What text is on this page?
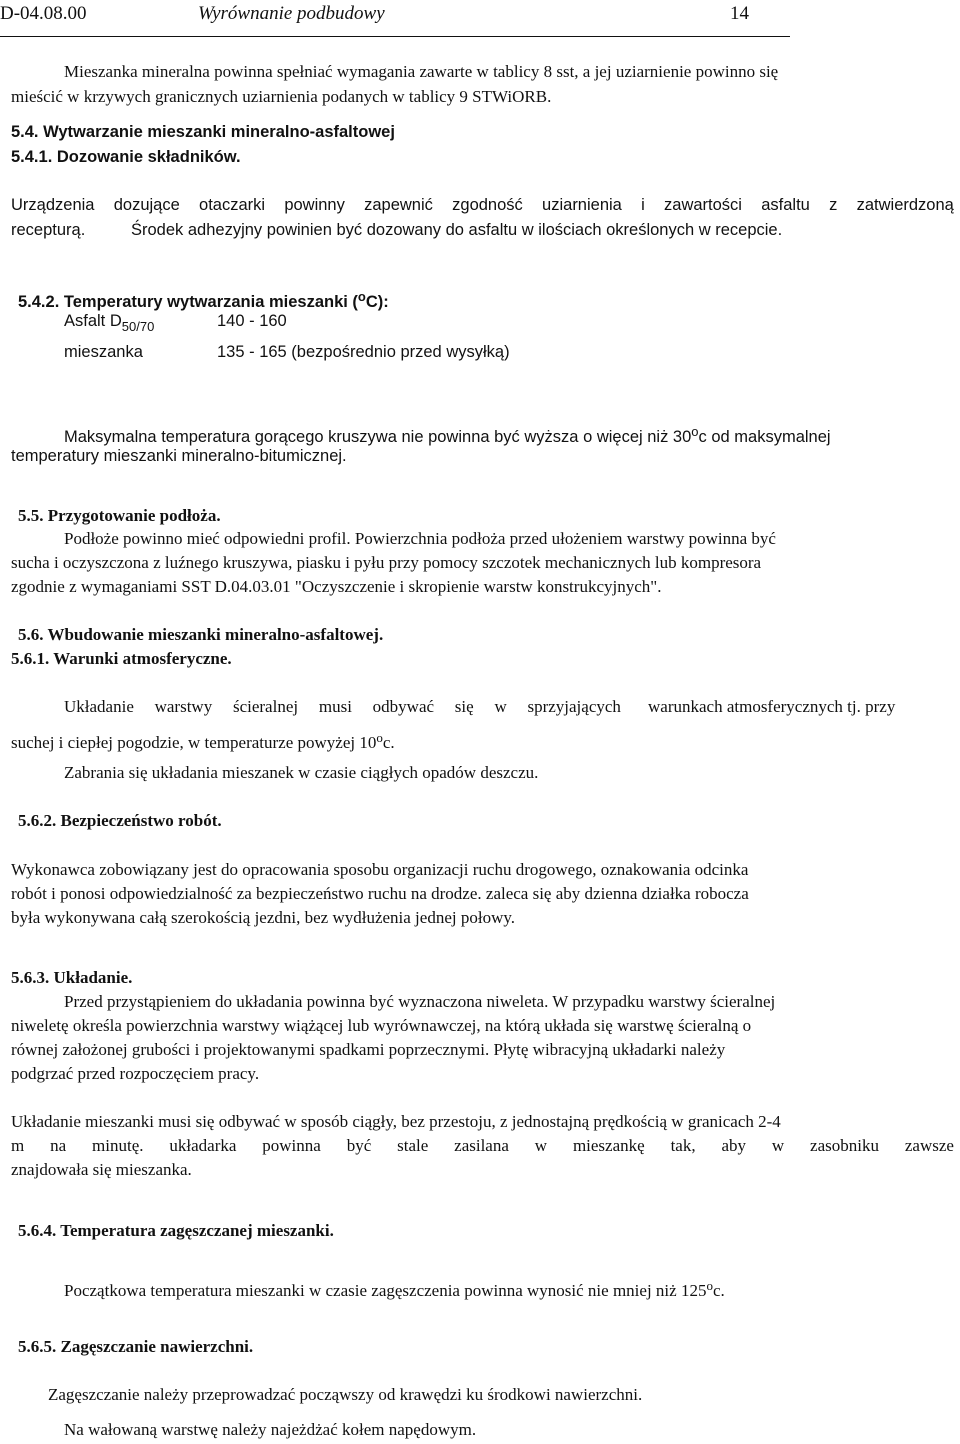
D-04.08.00	Wyrównanie podbudowy	14
Mieszanka mineralna powinna spełniać wymagania zawarte w tablicy 8 sst, a jej uziarnienie powinno się
mieścić w krzywych granicznych uziarnienia podanych w tablicy 9 STWiORB.
5.4. Wytwarzanie mieszanki mineralno-asfaltowej
5.4.1. Dozowanie składników.
Urządzenia dozujące otaczarki powinny zapewnić zgodność uziarnienia i zawartości asfaltu z zatwierdzoną
recepturą.	Środek adhezyjny powinien być dozowany do asfaltu w ilościach określonych w recepcie.
5.4.2. Temperatury wytwarzania mieszanki ($^o$C):
Asfalt $D_{50/70}$	140 - 160
mieszanka	135 - 165 (bezpośrednio przed wysyłką)
Maksymalna temperatura gorącego kruszywa nie powinna być wyższa o więcej niż 30$^o$c od maksymalnej
temperatury mieszanki mineralno-bitumicznej.
5.5. Przygotowanie podłoża.
Podłoże powinno mieć odpowiedni profil. Powierzchnia podłoża przed ułożeniem warstwy powinna być
sucha i oczyszczona z luźnego kruszywa, piasku i pyłu przy pomocy szczotek mechanicznych lub kompresora
zgodnie z wymaganiami SST D.04.03.01 "Oczyszczenie i skropienie warstw konstrukcyjnych".
5.6. Wbudowanie mieszanki mineralno-asfaltowej.
5.6.1. Warunki atmosferyczne.
Układanie warstwy ścieralnej musi odbywać się w sprzyjających warunkach atmosferycznych tj. przy
suchej i ciepłej pogodzie, w temperaturze powyżej 10$^o$c.
Zabrania się układania mieszanek w czasie ciągłych opadów deszczu.
5.6.2. Bezpieczeństwo robót.
Wykonawca zobowiązany jest do opracowania sposobu organizacji ruchu drogowego, oznakowania odcinka
robót i ponosi odpowiedzialność za bezpieczeństwo ruchu na drodze. zaleca się aby dzienna działka robocza
była wykonywana całą szerokością jezdni, bez wydłużenia jednej połowy.
5.6.3. Układanie.
Przed przystąpieniem do układania powinna być wyznaczona niweleta. W przypadku warstwy ścieralnej
niweletę określa powierzchnia warstwy wiążącej lub wyrównawczej, na którą układa się warstwę ścieralną o
równej założonej grubości i projektowanymi spadkami poprzecznymi. Płytę wibracyjną układarki należy
podgrzać przed rozpoczęciem pracy.
Układanie mieszanki musi się odbywać w sposób ciągły, bez przestoju, z jednostajną prędkością w granicach 2-4
m na minutę. układarka powinna być stale zasilana w mieszankę tak, aby w zasobniku zawsze
znajdowała się mieszanka.
5.6.4. Temperatura zagęszczanej mieszanki.
Początkowa temperatura mieszanki w czasie zagęszczenia powinna wynosić nie mniej niż 125$^o$c.
5.6.5. Zagęszczanie nawierzchni.
Zagęszczanie należy przeprowadzać począwszy od krawędzi ku środkowi nawierzchni.
Na wałowaną warstwę należy najeżdżać kołem napędowym.
